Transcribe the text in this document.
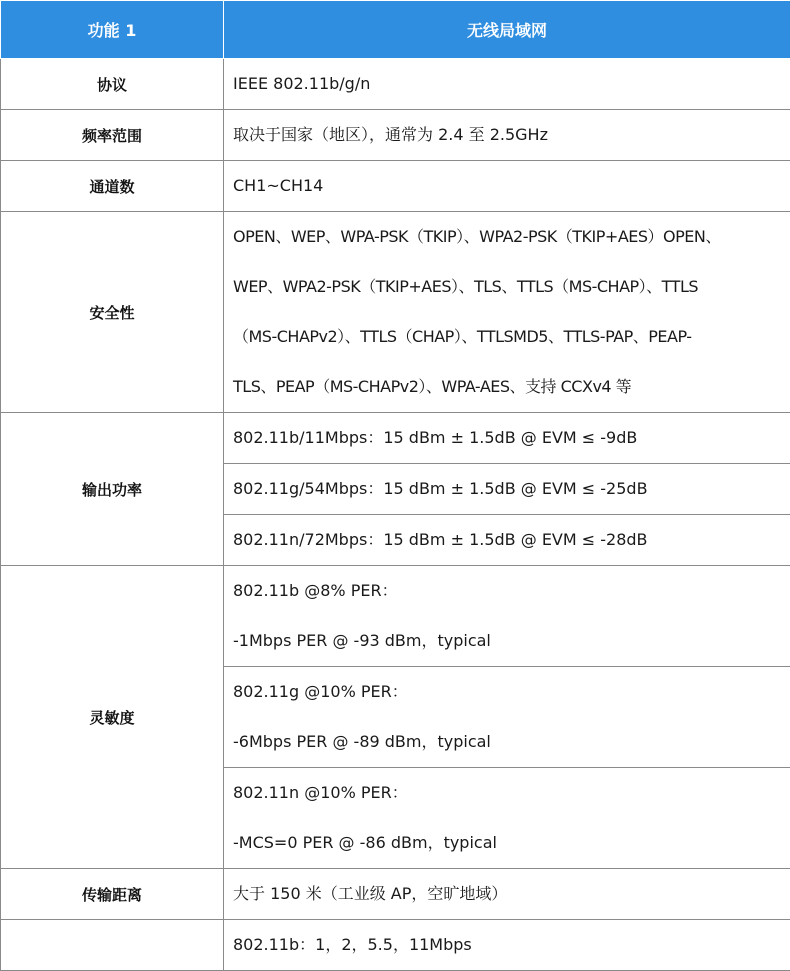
功能 1	无线局域网
协议	IEEE 802.11b/g/n

频率范围	取决于国家（地区），通常为 2.4 至 2.5GHz

通道数	CH1~CH14

安全性	OPEN、WEP、WPA-PSK（TKIP）、WPA2-PSK（TKIP+AES）OPEN、
WEP、WPA2-PSK（TKIP+AES）、TLS、TTLS（MS-CHAP）、TTLS
（MS-CHAPv2）、TTLS（CHAP）、TTLSMD5、TTLS-PAP、PEAP-
TLS、PEAP（MS-CHAPv2）、WPA-AES、支持 CCXv4 等

输出功率	802.11b/11Mbps：15 dBm ± 1.5dB @ EVM ≤ -9dB

	802.11g/54Mbps：15 dBm ± 1.5dB @ EVM ≤ -25dB

	802.11n/72Mbps：15 dBm ± 1.5dB @ EVM ≤ -28dB

灵敏度	802.11b @8% PER：
-1Mbps PER @ -93 dBm，typical

	802.11g @10% PER：
-6Mbps PER @ -89 dBm，typical

	802.11n @10% PER：
-MCS=0 PER @ -86 dBm，typical

传输距离	大于 150 米（工业级 AP，空旷地域）

	802.11b：1，2，5.5，11Mbps
